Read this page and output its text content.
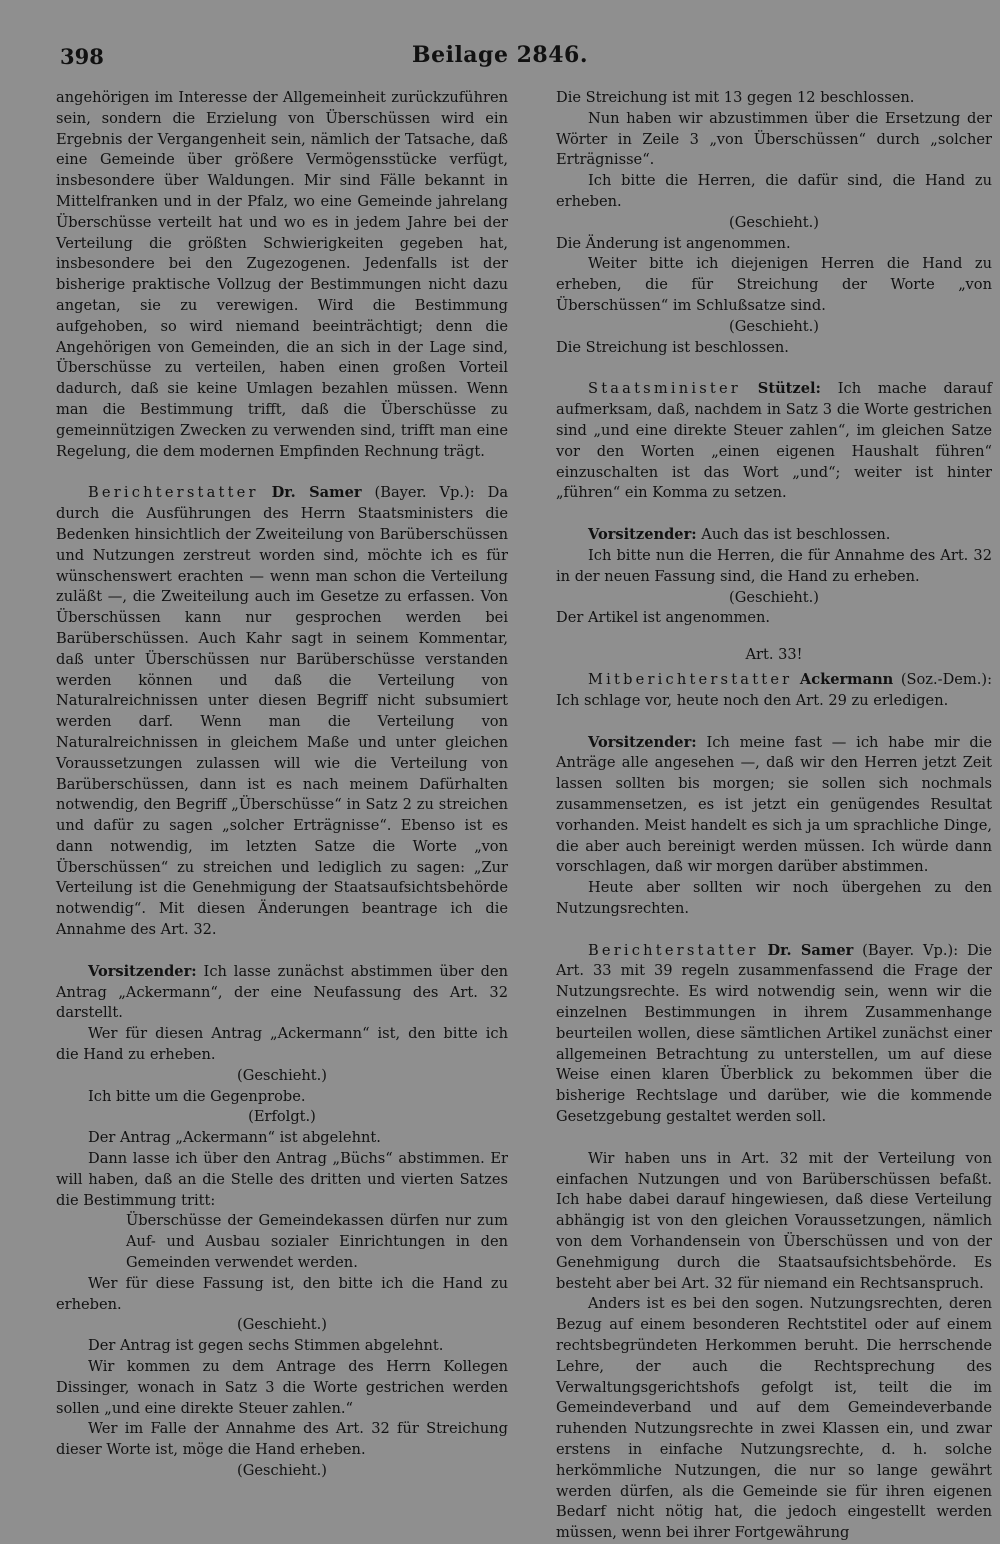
398	Beilage 2846.

angehörigen im Interesse der Allgemeinheit zurückzuführen sein, sondern die Erzielung von Überschüssen wird ein Ergebnis der Vergangenheit sein, nämlich der Tatsache, daß eine Gemeinde über größere Vermögensstücke verfügt, insbesondere über Waldungen. Mir sind Fälle bekannt in Mittelfranken und in der Pfalz, wo eine Gemeinde jahrelang Überschüsse verteilt hat und wo es in jedem Jahre bei der Verteilung die größten Schwierigkeiten gegeben hat, insbesondere bei den Zugezogenen. Jedenfalls ist der bisherige praktische Vollzug der Bestimmungen nicht dazu angetan, sie zu verewigen. Wird die Bestimmung aufgehoben, so wird niemand beeinträchtigt; denn die Angehörigen von Gemeinden, die an sich in der Lage sind, Überschüsse zu verteilen, haben einen großen Vorteil dadurch, daß sie keine Umlagen bezahlen müssen. Wenn man die Bestimmung trifft, daß die Überschüsse zu gemeinnützigen Zwecken zu verwenden sind, trifft man eine Regelung, die dem modernen Empfinden Rechnung trägt.

Berichterstatter Dr. Samer (Bayer. Vp.): Da durch die Ausführungen des Herrn Staatsministers die Bedenken hinsichtlich der Zweiteilung von Barüberschüssen und Nutzungen zerstreut worden sind, möchte ich es für wünschenswert erachten — wenn man schon die Verteilung zuläßt —, die Zweiteilung auch im Gesetze zu erfassen. Von Überschüssen kann nur gesprochen werden bei Barüberschüssen. Auch Kahr sagt in seinem Kommentar, daß unter Überschüssen nur Barüberschüsse verstanden werden können und daß die Verteilung von Naturalreichnissen unter diesen Begriff nicht subsumiert werden darf. Wenn man die Verteilung von Naturalreichnissen in gleichem Maße und unter gleichen Voraussetzungen zulassen will wie die Verteilung von Barüberschüssen, dann ist es nach meinem Dafürhalten notwendig, den Begriff „Überschüsse“ in Satz 2 zu streichen und dafür zu sagen „solcher Erträgnisse“. Ebenso ist es dann notwendig, im letzten Satze die Worte „von Überschüssen“ zu streichen und lediglich zu sagen: „Zur Verteilung ist die Genehmigung der Staatsaufsichtsbehörde notwendig“. Mit diesen Änderungen beantrage ich die Annahme des Art. 32.

Vorsitzender: Ich lasse zunächst abstimmen über den Antrag „Ackermann“, der eine Neufassung des Art. 32 darstellt.

Wer für diesen Antrag „Ackermann“ ist, den bitte ich die Hand zu erheben.

(Geschieht.)

Ich bitte um die Gegenprobe.

(Erfolgt.)

Der Antrag „Ackermann“ ist abgelehnt.

Dann lasse ich über den Antrag „Büchs“ abstimmen. Er will haben, daß an die Stelle des dritten und vierten Satzes die Bestimmung tritt:

Überschüsse der Gemeindekassen dürfen nur zum Auf- und Ausbau sozialer Einrichtungen in den Gemeinden verwendet werden.

Wer für diese Fassung ist, den bitte ich die Hand zu erheben.

(Geschieht.)

Der Antrag ist gegen sechs Stimmen abgelehnt.

Wir kommen zu dem Antrage des Herrn Kollegen Dissinger, wonach in Satz 3 die Worte gestrichen werden sollen „und eine direkte Steuer zahlen.“

Wer im Falle der Annahme des Art. 32 für Streichung dieser Worte ist, möge die Hand erheben.

(Geschieht.)

Die Streichung ist mit 13 gegen 12 beschlossen.

Nun haben wir abzustimmen über die Ersetzung der Wörter in Zeile 3 „von Überschüssen“ durch „solcher Erträgnisse“.

Ich bitte die Herren, die dafür sind, die Hand zu erheben.

(Geschieht.)

Die Änderung ist angenommen.

Weiter bitte ich diejenigen Herren die Hand zu erheben, die für Streichung der Worte „von Überschüssen“ im Schlußsatze sind.

(Geschieht.)

Die Streichung ist beschlossen.

Staatsminister Stützel: Ich mache darauf aufmerksam, daß, nachdem in Satz 3 die Worte gestrichen sind „und eine direkte Steuer zahlen“, im gleichen Satze vor den Worten „einen eigenen Haushalt führen“ einzuschalten ist das Wort „und“; weiter ist hinter „führen“ ein Komma zu setzen.

Vorsitzender: Auch das ist beschlossen.

Ich bitte nun die Herren, die für Annahme des Art. 32 in der neuen Fassung sind, die Hand zu erheben.

(Geschieht.)

Der Artikel ist angenommen.

Art. 33!

Mitberichterstatter Ackermann (Soz.-Dem.): Ich schlage vor, heute noch den Art. 29 zu erledigen.

Vorsitzender: Ich meine fast — ich habe mir die Anträge alle angesehen —, daß wir den Herren jetzt Zeit lassen sollten bis morgen; sie sollen sich nochmals zusammensetzen, es ist jetzt ein genügendes Resultat vorhanden. Meist handelt es sich ja um sprachliche Dinge, die aber auch bereinigt werden müssen. Ich würde dann vorschlagen, daß wir morgen darüber abstimmen.

Heute aber sollten wir noch übergehen zu den Nutzungsrechten.

Berichterstatter Dr. Samer (Bayer. Vp.): Die Art. 33 mit 39 regeln zusammenfassend die Frage der Nutzungsrechte. Es wird notwendig sein, wenn wir die einzelnen Bestimmungen in ihrem Zusammenhange beurteilen wollen, diese sämtlichen Artikel zunächst einer allgemeinen Betrachtung zu unterstellen, um auf diese Weise einen klaren Überblick zu bekommen über die bisherige Rechtslage und darüber, wie die kommende Gesetzgebung gestaltet werden soll.

Wir haben uns in Art. 32 mit der Verteilung von einfachen Nutzungen und von Barüberschüssen befaßt. Ich habe dabei darauf hingewiesen, daß diese Verteilung abhängig ist von den gleichen Voraussetzungen, nämlich von dem Vorhandensein von Überschüssen und von der Genehmigung durch die Staatsaufsichtsbehörde. Es besteht aber bei Art. 32 für niemand ein Rechtsanspruch.

Anders ist es bei den sogen. Nutzungsrechten, deren Bezug auf einem besonderen Rechtstitel oder auf einem rechtsbegründeten Herkommen beruht. Die herrschende Lehre, der auch die Rechtsprechung des Verwaltungsgerichtshofs gefolgt ist, teilt die im Gemeindeverband und auf dem Gemeindeverbande ruhenden Nutzungsrechte in zwei Klassen ein, und zwar erstens in einfache Nutzungsrechte, d. h. solche herkömmliche Nutzungen, die nur so lange gewährt werden dürfen, als die Gemeinde sie für ihren eigenen Bedarf nicht nötig hat, die jedoch eingestellt werden müssen, wenn bei ihrer Fortgewährung
